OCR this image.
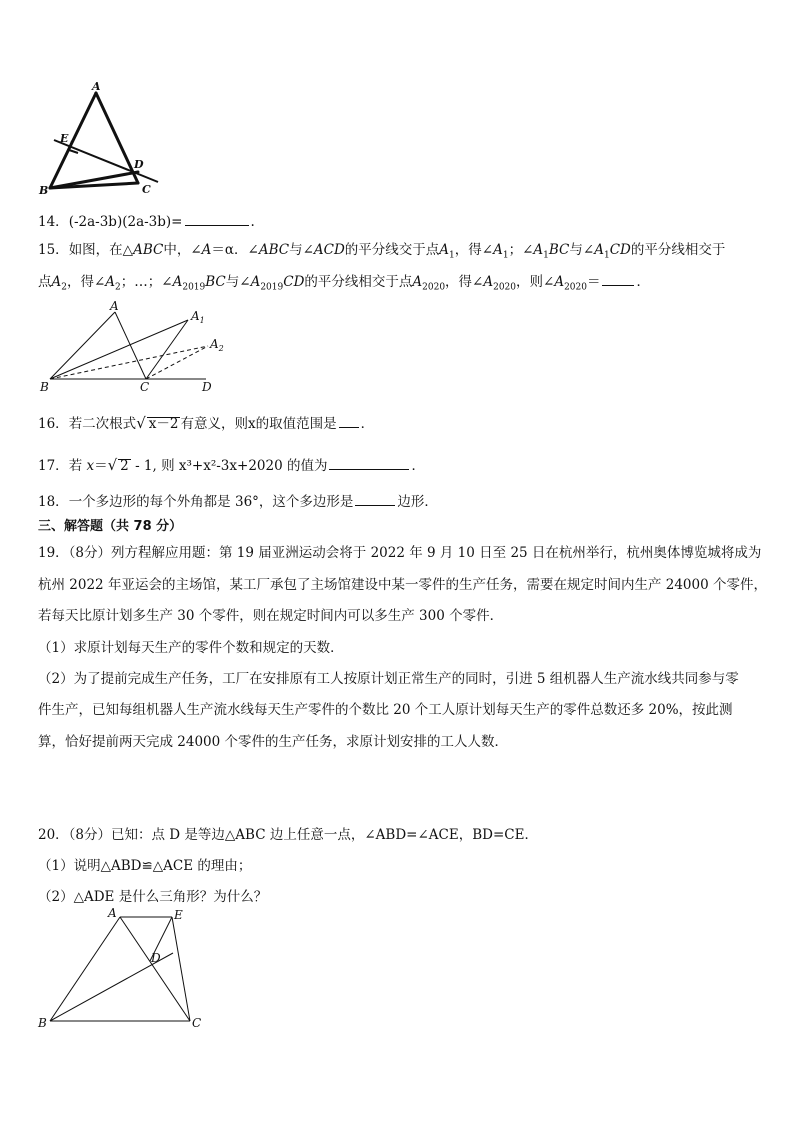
A
E
D
B	C
14．(-2a-3b)(2a-3b)=	.
15．如图，在△ABC中，∠A＝α．∠ABC与∠ACD的平分线交于点$A_1$，得$\angle A_1$；$\angle A_1BC$与$\angle A_1CD$的平分线相交于
点$A_2$，得$\angle A_2$；…；$\angle A_{2019}BC$与$\angle A_{2019}CD$的平分线相交于点$A_{2020}$，得$\angle A_{2020}$，则$\angle A_{2020}=$	．
A
$A_1$
$A_2$
B	C	D
16．若二次根式√ x－2 有意义，则x的取值范围是 ．
17．若 x＝√ 2 - 1, 则 x³+x²-3x+2020 的值为	．
18．一个多边形的每个外角都是 36°，这个多边形是	边形．
三、解答题（共 78 分）
19．（8分）列方程解应用题：第 19 届亚洲运动会将于 2022 年 9 月 10 日至 25 日在杭州举行，杭州奥体博览城将成为
杭州 2022 年亚运会的主场馆，某工厂承包了主场馆建设中某一零件的生产任务，需要在规定时间内生产 24000 个零件，
若每天比原计划多生产 30 个零件，则在规定时间内可以多生产 300 个零件．
（1）求原计划每天生产的零件个数和规定的天数．
（2）为了提前完成生产任务，工厂在安排原有工人按原计划正常生产的同时，引进 5 组机器人生产流水线共同参与零
件生产，已知每组机器人生产流水线每天生产零件的个数比 20 个工人原计划每天生产的零件总数还多 20%，按此测
算，恰好提前两天完成 24000 个零件的生产任务，求原计划安排的工人人数．
20．（8分）已知：点 D 是等边△ABC 边上任意一点，∠ABD=∠ACE，BD=CE．
（1）说明△ABD≌△ACE 的理由；
（2）△ADE 是什么三角形？为什么？
A	E
D
B	C
